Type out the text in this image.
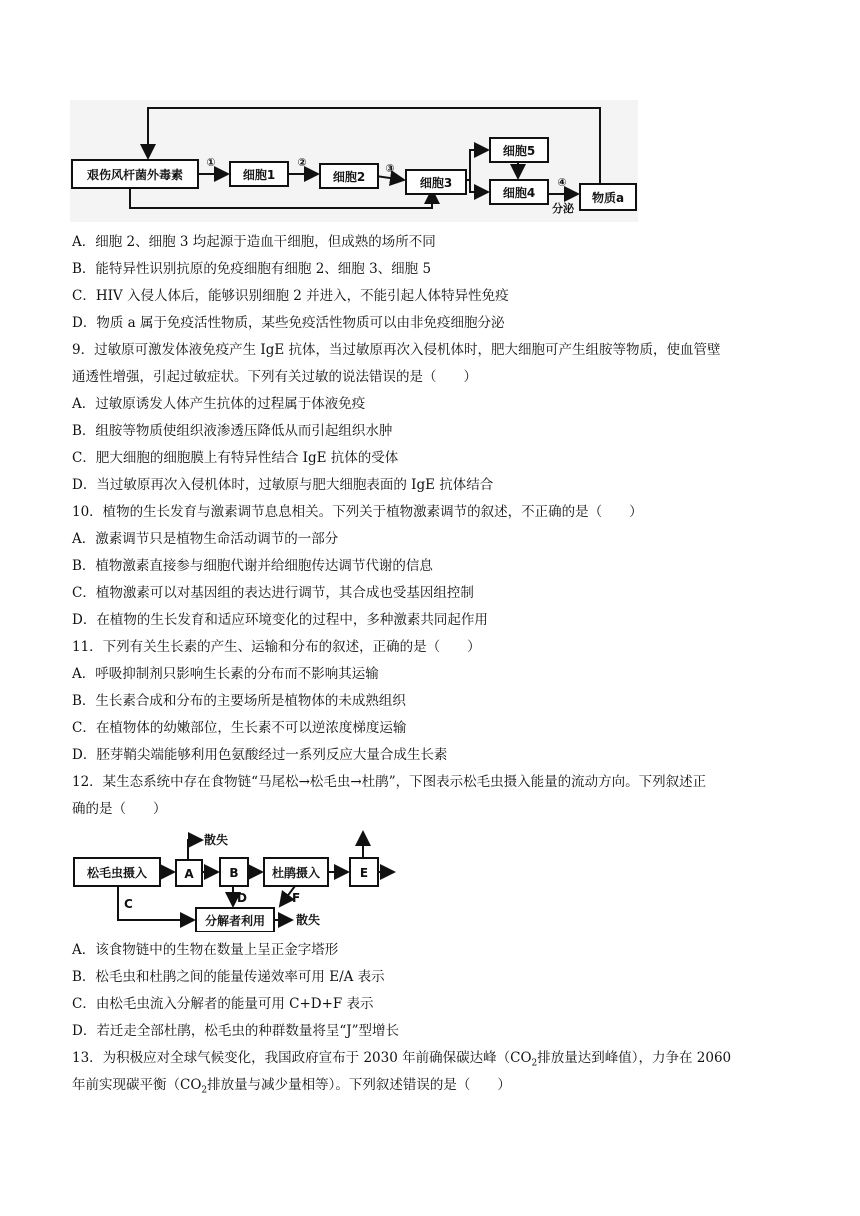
艰伤风杆菌外毒素	细胞1	细胞2	细胞3
细胞5
细胞4	物质a
①	②	③
④
分泌
A．细胞 2、细胞 3 均起源于造血干细胞，但成熟的场所不同
B．能特异性识别抗原的免疫细胞有细胞 2、细胞 3、细胞 5
C．HIV 入侵人体后，能够识别细胞 2 并进入，不能引起人体特异性免疫
D．物质 a 属于免疫活性物质，某些免疫活性物质可以由非免疫细胞分泌
9．过敏原可激发体液免疫产生 IgE 抗体，当过敏原再次入侵机体时，肥大细胞可产生组胺等物质，使血管壁
通透性增强，引起过敏症状。下列有关过敏的说法错误的是（　　）
A．过敏原诱发人体产生抗体的过程属于体液免疫
B．组胺等物质使组织液渗透压降低从而引起组织水肿
C．肥大细胞的细胞膜上有特异性结合 IgE 抗体的受体
D．当过敏原再次入侵机体时，过敏原与肥大细胞表面的 IgE 抗体结合
10．植物的生长发育与激素调节息息相关。下列关于植物激素调节的叙述，不正确的是（　　）
A．激素调节只是植物生命活动调节的一部分
B．植物激素直接参与细胞代谢并给细胞传达调节代谢的信息
C．植物激素可以对基因组的表达进行调节，其合成也受基因组控制
D．在植物的生长发育和适应环境变化的过程中，多种激素共同起作用
11．下列有关生长素的产生、运输和分布的叙述，正确的是（　　）
A．呼吸抑制剂只影响生长素的分布而不影响其运输
B．生长素合成和分布的主要场所是植物体的未成熟组织
C．在植物体的幼嫩部位，生长素不可以逆浓度梯度运输
D．胚芽鞘尖端能够利用色氨酸经过一系列反应大量合成生长素
12．某生态系统中存在食物链“马尾松→松毛虫→杜鹃”，下图表示松毛虫摄入能量的流动方向。下列叙述正
确的是（　　）
松毛虫摄入	A	B	杜鹃摄入	E
分解者利用
散失
散失
C	D	F
A．该食物链中的生物在数量上呈正金字塔形
B．松毛虫和杜鹃之间的能量传递效率可用 E/A 表示
C．由松毛虫流入分解者的能量可用 C+D+F 表示
D．若迁走全部杜鹃，松毛虫的种群数量将呈“J”型增长
13．为积极应对全球气候变化，我国政府宣布于 2030 年前确保碳达峰（$CO_2$排放量达到峰值），力争在 2060
年前实现碳平衡（$CO_2$排放量与减少量相等）。下列叙述错误的是（　　）
